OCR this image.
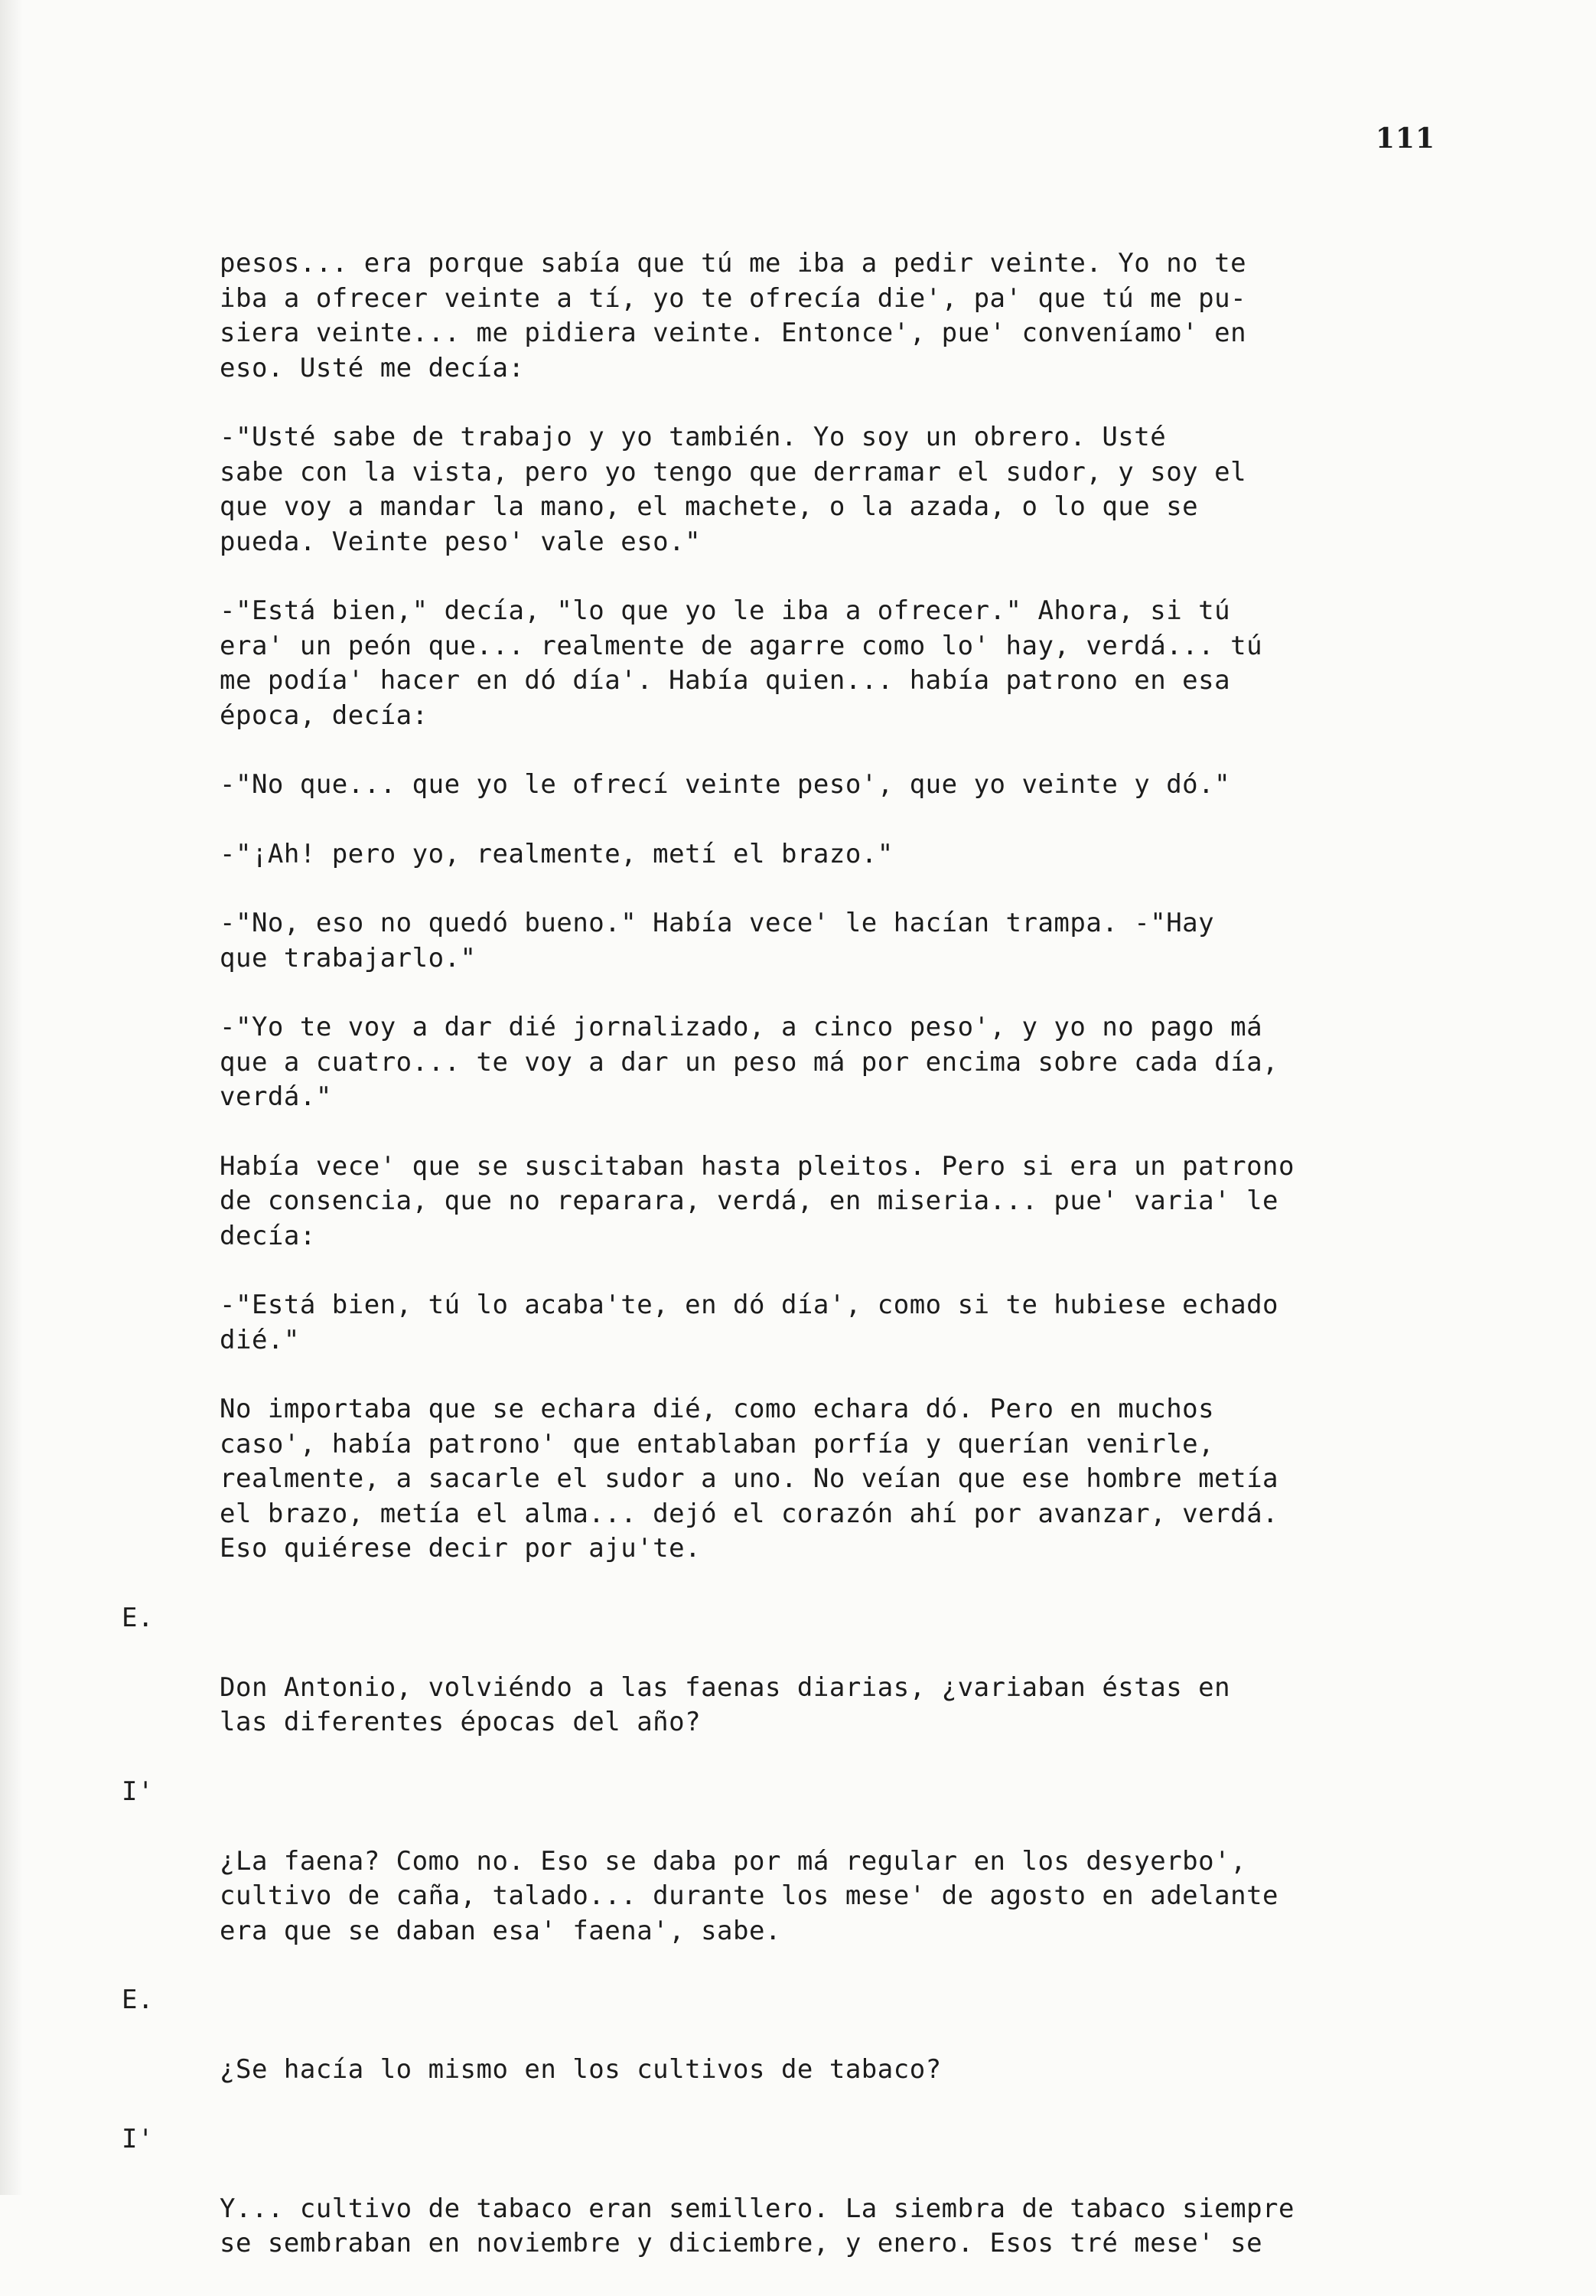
111

pesos... era porque sabía que tú me iba a pedir veinte. Yo no te
iba a ofrecer veinte a tí, yo te ofrecía die', pa' que tú me pu-
siera veinte... me pidiera veinte. Entonce', pue' conveníamo' en
eso. Usté me decía:

-"Usté sabe de trabajo y yo también. Yo soy un obrero. Usté
sabe con la vista, pero yo tengo que derramar el sudor, y soy el
que voy a mandar la mano, el machete, o la azada, o lo que se
pueda. Veinte peso' vale eso."

-"Está bien," decía, "lo que yo le iba a ofrecer." Ahora, si tú
era' un peón que... realmente de agarre como lo' hay, verdá... tú
me podía' hacer en dó día'. Había quien... había patrono en esa
época, decía:

-"No que... que yo le ofrecí veinte peso', que yo veinte y dó."

-"¡Ah! pero yo, realmente, metí el brazo."

-"No, eso no quedó bueno." Había vece' le hacían trampa. -"Hay
que trabajarlo."

-"Yo te voy a dar dié jornalizado, a cinco peso', y yo no pago má
que a cuatro... te voy a dar un peso má por encima sobre cada día,
verdá."

Había vece' que se suscitaban hasta pleitos. Pero si era un patrono
de consencia, que no reparara, verdá, en miseria... pue' varia' le
decía:

-"Está bien, tú lo acaba'te, en dó día', como si te hubiese echado
dié."

No importaba que se echara dié, como echara dó. Pero en muchos
caso', había patrono' que entablaban porfía y querían venirle,
realmente, a sacarle el sudor a uno. No veían que ese hombre metía
el brazo, metía el alma... dejó el corazón ahí por avanzar, verdá.
Eso quiérese decir por aju'te.

E.

Don Antonio, volviéndo a las faenas diarias, ¿variaban éstas en
las diferentes épocas del año?

I'

¿La faena? Como no. Eso se daba por má regular en los desyerbo',
cultivo de caña, talado... durante los mese' de agosto en adelante
era que se daban esa' faena', sabe.

E.

¿Se hacía lo mismo en los cultivos de tabaco?

I'

Y... cultivo de tabaco eran semillero. La siembra de tabaco siempre
se sembraban en noviembre y diciembre, y enero. Esos tré mese' se
